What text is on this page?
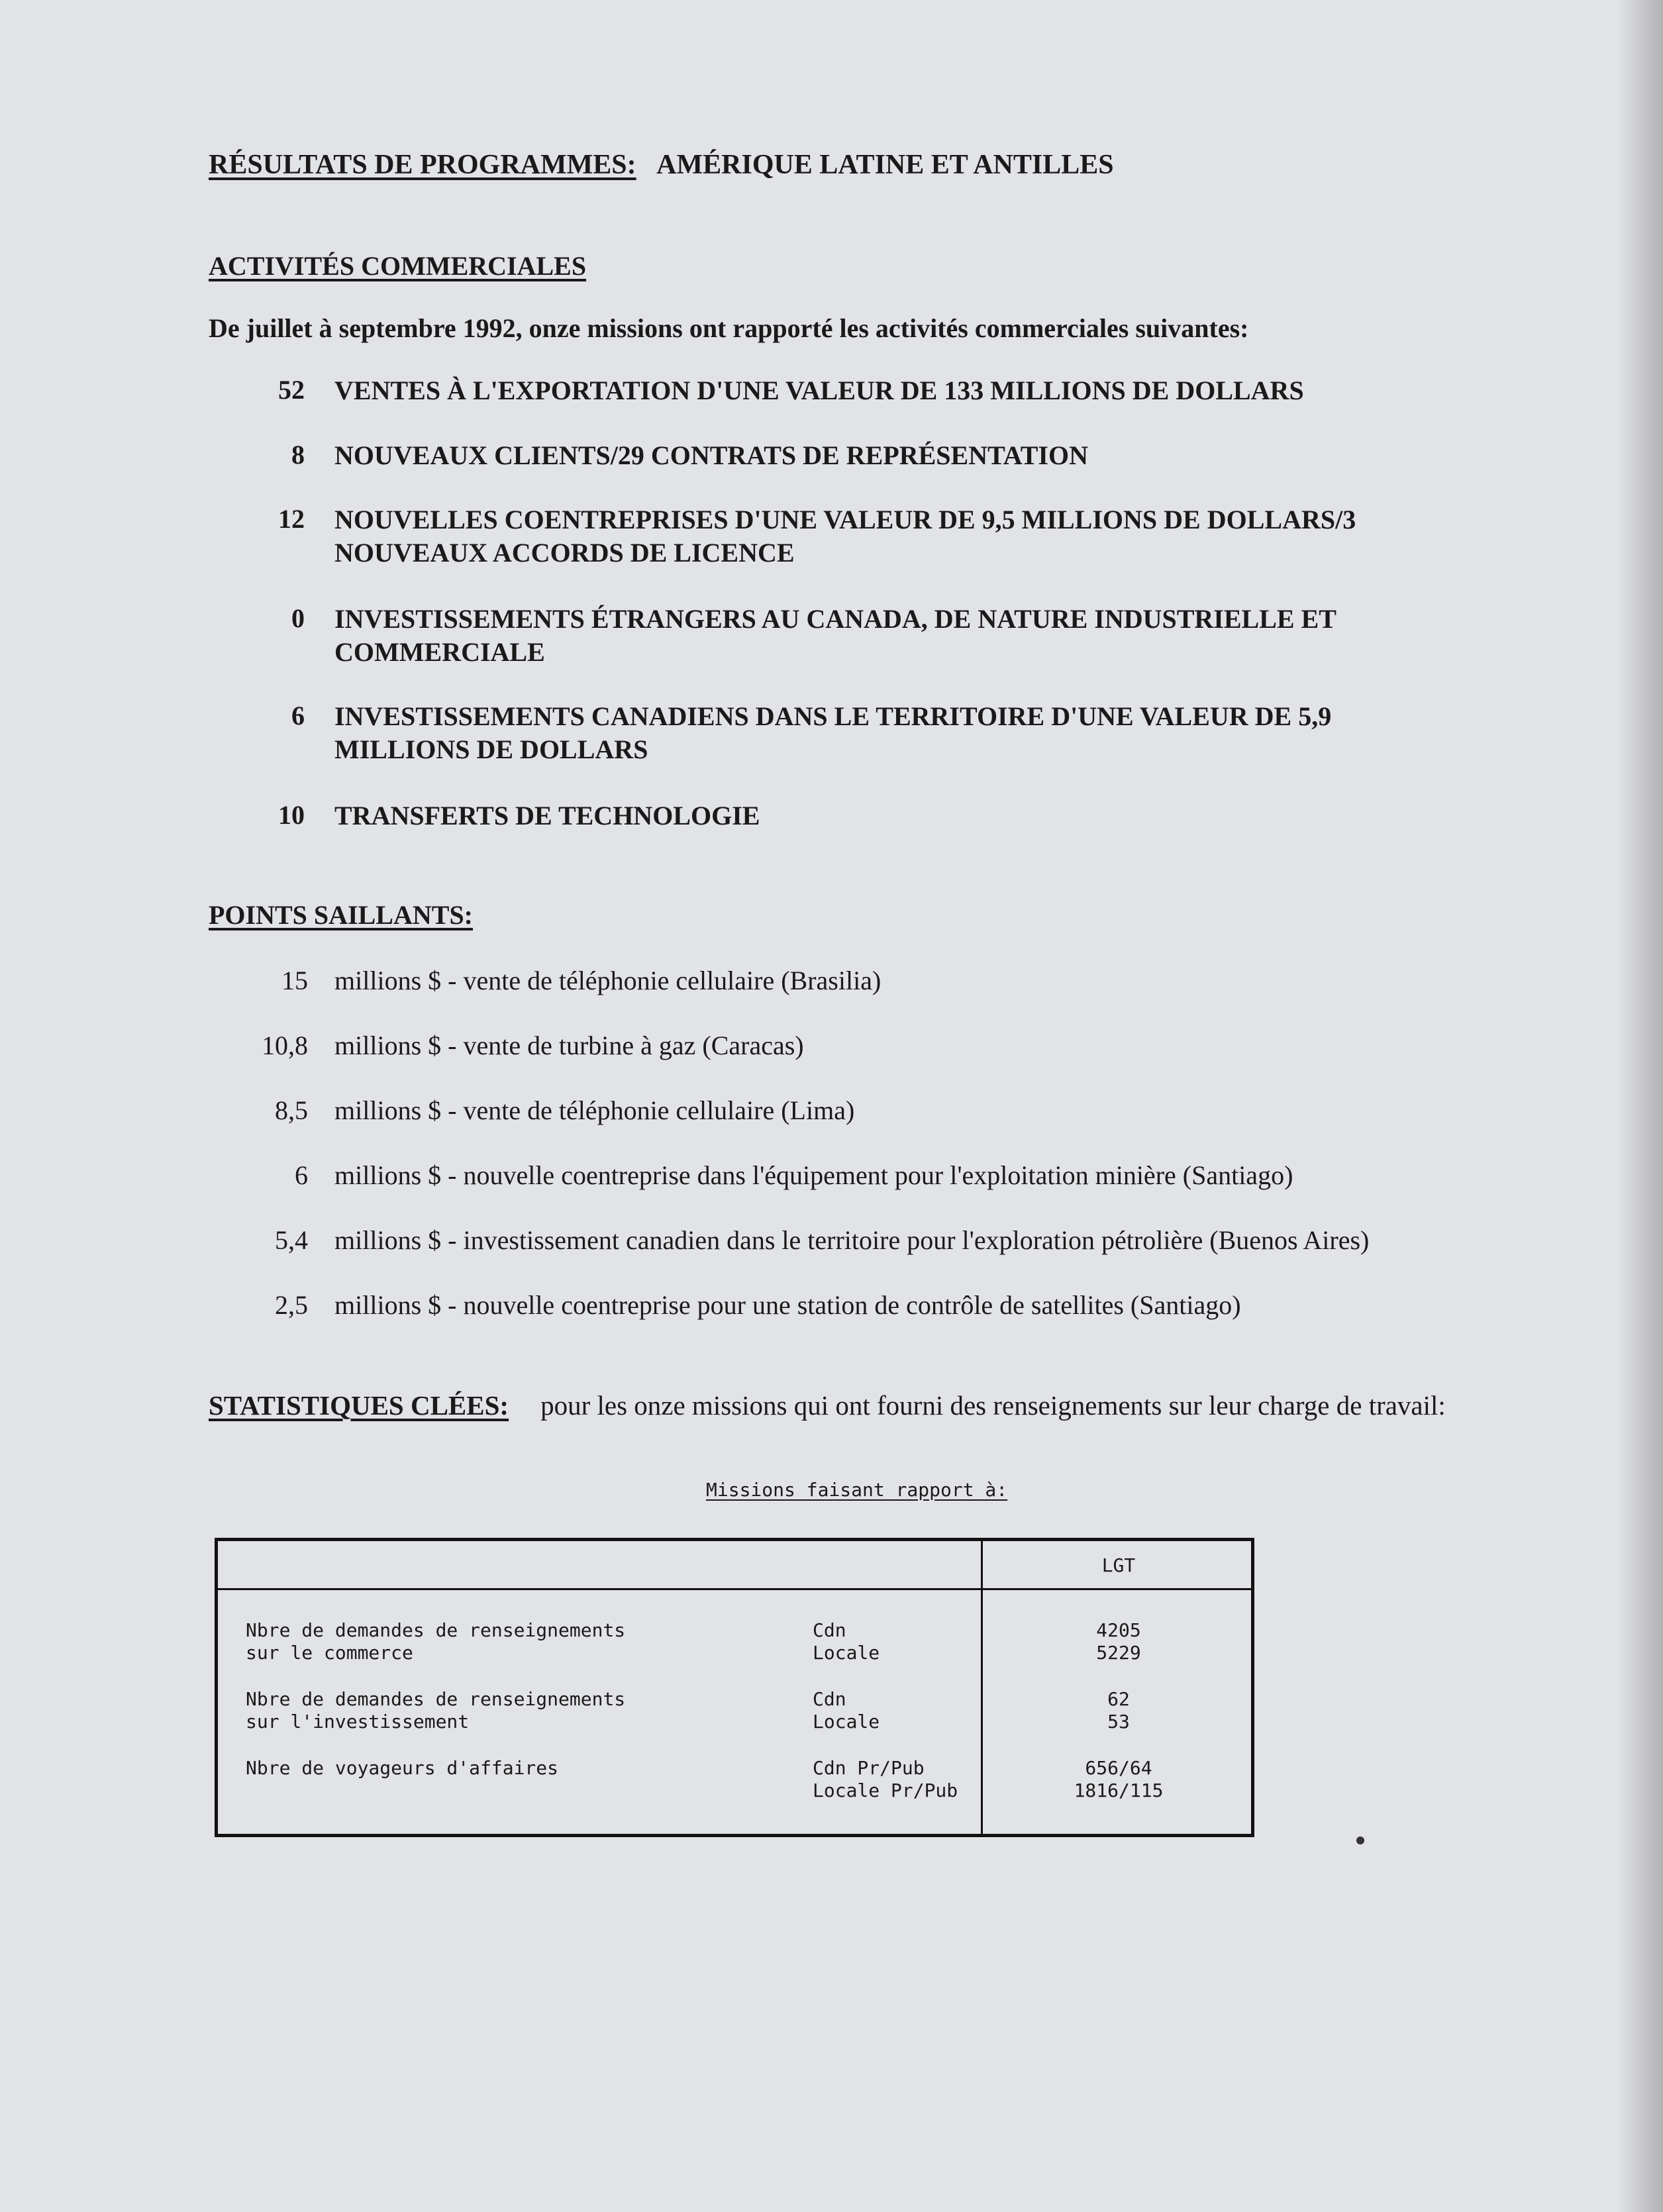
RÉSULTATS DE PROGRAMMES: AMÉRIQUE LATINE ET ANTILLES
ACTIVITÉS COMMERCIALES
De juillet à septembre 1992, onze missions ont rapporté les activités commerciales suivantes:
52 VENTES À L'EXPORTATION D'UNE VALEUR DE 133 MILLIONS DE DOLLARS
8 NOUVEAUX CLIENTS/29 CONTRATS DE REPRÉSENTATION
12 NOUVELLES COENTREPRISES D'UNE VALEUR DE 9,5 MILLIONS DE DOLLARS/3 NOUVEAUX ACCORDS DE LICENCE
0 INVESTISSEMENTS ÉTRANGERS AU CANADA, DE NATURE INDUSTRIELLE ET COMMERCIALE
6 INVESTISSEMENTS CANADIENS DANS LE TERRITOIRE D'UNE VALEUR DE 5,9 MILLIONS DE DOLLARS
10 TRANSFERTS DE TECHNOLOGIE
POINTS SAILLANTS:
15 millions $ - vente de téléphonie cellulaire (Brasilia)
10,8 millions $ - vente de turbine à gaz (Caracas)
8,5 millions $ - vente de téléphonie cellulaire (Lima)
6 millions $ - nouvelle coentreprise dans l'équipement pour l'exploitation minière (Santiago)
5,4 millions $ - investissement canadien dans le territoire pour l'exploration pétrolière (Buenos Aires)
2,5 millions $ - nouvelle coentreprise pour une station de contrôle de satellites (Santiago)
STATISTIQUES CLÉES: pour les onze missions qui ont fourni des renseignements sur leur charge de travail:
Missions faisant rapport à:
LGT
Nbre de demandes de renseignements
sur le commerce
Cdn
Locale
4205
5229
Nbre de demandes de renseignements
sur l'investissement
Cdn
Locale
62
53
Nbre de voyageurs d'affaires	Cdn Pr/Pub
Locale Pr/Pub
656/64
1816/115
